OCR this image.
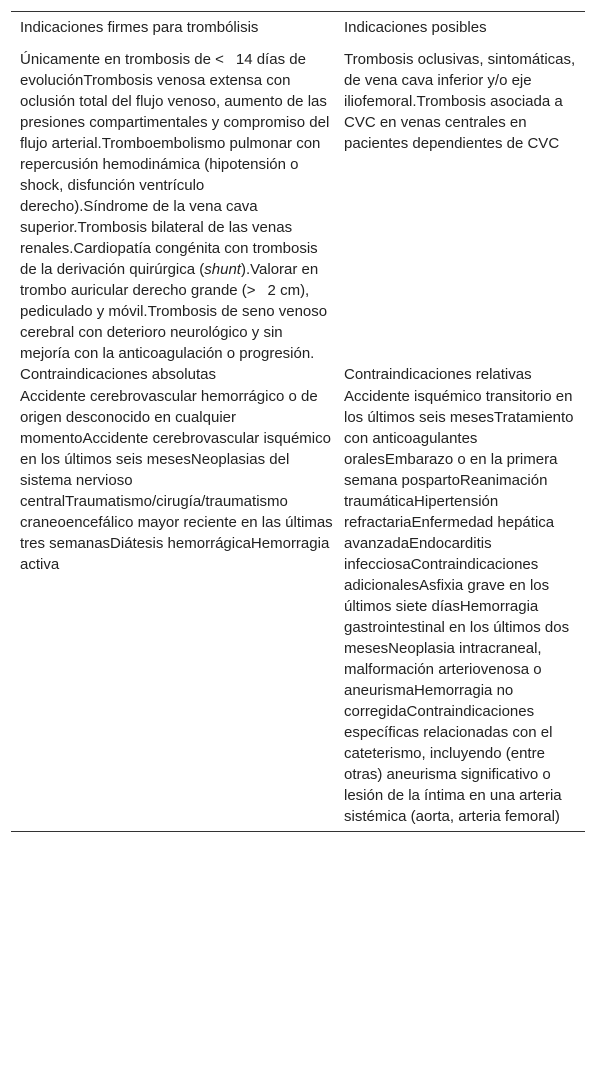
Indicaciones firmes para trombólisis	Indicaciones posibles
Únicamente en trombosis de <    14 días de evoluciónTrombosis venosa extensa con oclusión total del flujo venoso, aumento de las presiones compartimentales y compromiso del flujo arterial.Tromboembolismo pulmonar con repercusión hemodinámica (hipotensión o shock, disfunción ventrículo derecho).Síndrome de la vena cava superior.Trombosis bilateral de las venas renales.Cardiopatía congénita con trombosis de la derivación quirúrgica (shunt).Valorar en trombo auricular derecho grande (>    2 cm), pediculado y móvil.Trombosis de seno venoso cerebral con deterioro neurológico y sin mejoría con la anticoagulación o progresión.
Trombosis oclusivas, sintomáticas, de vena cava inferior y/o eje iliofemoral.Trombosis asociada a CVC en venas centrales en pacientes dependientes de CVC
Contraindicaciones absolutas	Contraindicaciones relativas
Accidente cerebrovascular hemorrágico o de origen desconocido en cualquier momentoAccidente cerebrovascular isquémico en los últimos seis mesesNeoplasias del sistema nervioso centralTraumatismo/cirugía/traumatismo craneoencefálico mayor reciente en las últimas tres semanasDiátesis hemorrágicaHemorragia activa
Accidente isquémico transitorio en los últimos seis mesesTratamiento con anticoagulantes oralesEmbarazo o en la primera semana pospartoReanimación traumáticaHipertensión refractariaEnfermedad hepática avanzadaEndocarditis infecciosaContraindicaciones adicionalesAsfixia grave en los últimos siete díasHemorragia gastrointestinal en los últimos dos mesesNeoplasia intracraneal, malformación arteriovenosa o aneurismaHemorragia no corregidaContraindicaciones específicas relacionadas con el cateterismo, incluyendo (entre otras) aneurisma significativo o lesión de la íntima en una arteria sistémica (aorta, arteria femoral)
